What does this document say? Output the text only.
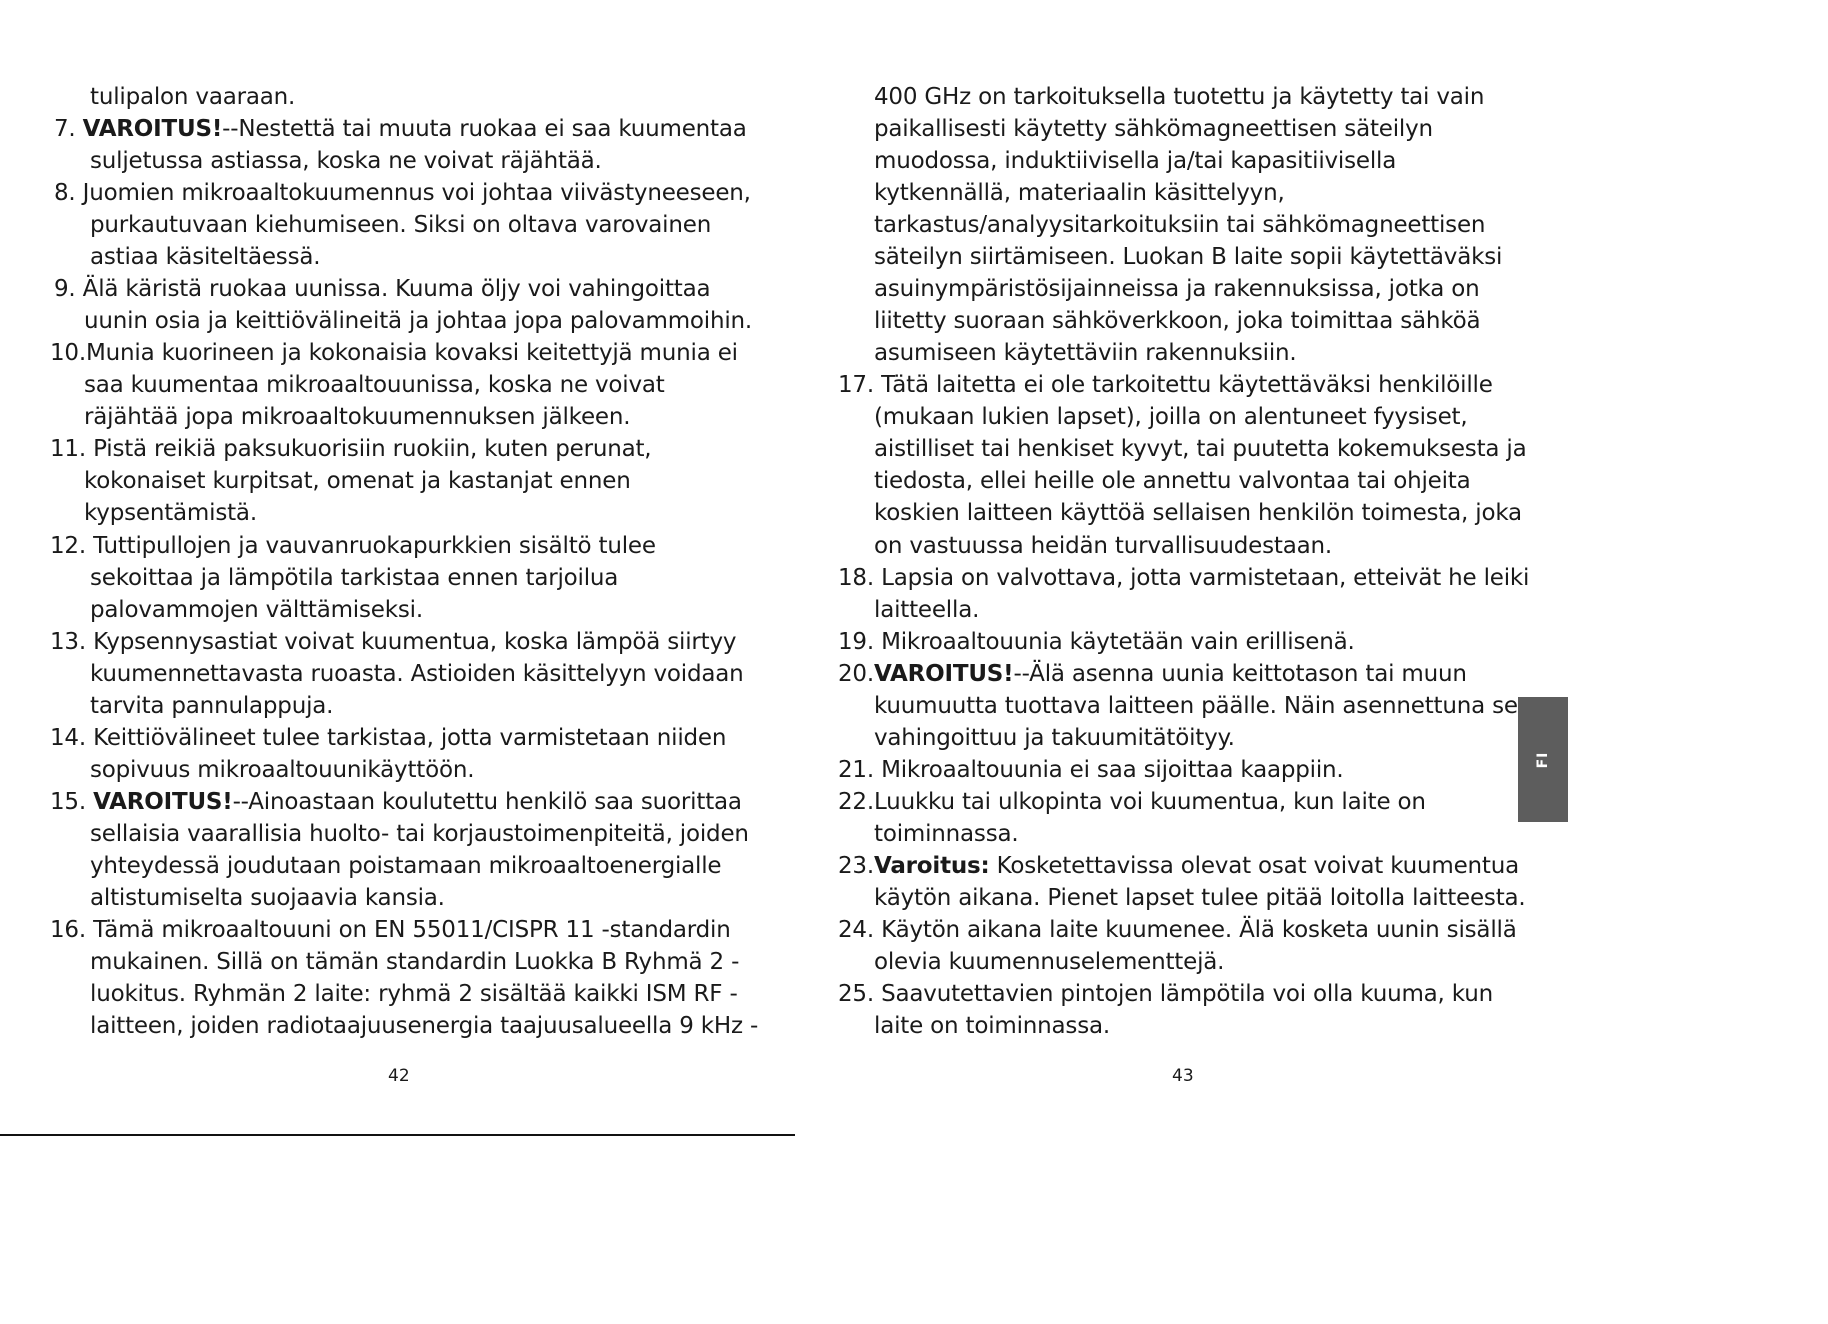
tulipalon vaaraan.
7. VAROITUS!--Nestettä tai muuta ruokaa ei saa kuumentaa
suljetussa astiassa, koska ne voivat räjähtää.
8. Juomien mikroaaltokuumennus voi johtaa viivästyneeseen,
purkautuvaan kiehumiseen. Siksi on oltava varovainen
astiaa käsiteltäessä.
9. Älä käristä ruokaa uunissa. Kuuma öljy voi vahingoittaa
uunin osia ja keittiövälineitä ja johtaa jopa palovammoihin.
10.Munia kuorineen ja kokonaisia kovaksi keitettyjä munia ei
saa kuumentaa mikroaaltouunissa, koska ne voivat
räjähtää jopa mikroaaltokuumennuksen jälkeen.
11. Pistä reikiä paksukuorisiin ruokiin, kuten perunat,
kokonaiset kurpitsat, omenat ja kastanjat ennen
kypsentämistä.
12. Tuttipullojen ja vauvanruokapurkkien sisältö tulee
sekoittaa ja lämpötila tarkistaa ennen tarjoilua
palovammojen välttämiseksi.
13. Kypsennysastiat voivat kuumentua, koska lämpöä siirtyy
kuumennettavasta ruoasta. Astioiden käsittelyyn voidaan
tarvita pannulappuja.
14. Keittiövälineet tulee tarkistaa, jotta varmistetaan niiden
sopivuus mikroaaltouunikäyttöön.
15. VAROITUS!--Ainoastaan koulutettu henkilö saa suorittaa
sellaisia vaarallisia huolto- tai korjaustoimenpiteitä, joiden
yhteydessä joudutaan poistamaan mikroaaltoenergialle
altistumiselta suojaavia kansia.
16. Tämä mikroaaltouuni on EN 55011/CISPR 11 -standardin
mukainen. Sillä on tämän standardin Luokka B Ryhmä 2 -
luokitus. Ryhmän 2 laite: ryhmä 2 sisältää kaikki ISM RF -
laitteen, joiden radiotaajuusenergia taajuusalueella 9 kHz -
400 GHz on tarkoituksella tuotettu ja käytetty tai vain
paikallisesti käytetty sähkömagneettisen säteilyn
muodossa, induktiivisella ja/tai kapasitiivisella
kytkennällä, materiaalin käsittelyyn,
tarkastus/analyysitarkoituksiin tai sähkömagneettisen
säteilyn siirtämiseen. Luokan B laite sopii käytettäväksi
asuinympäristösijainneissa ja rakennuksissa, jotka on
liitetty suoraan sähköverkkoon, joka toimittaa sähköä
asumiseen käytettäviin rakennuksiin.
17. Tätä laitetta ei ole tarkoitettu käytettäväksi henkilöille
(mukaan lukien lapset), joilla on alentuneet fyysiset,
aistilliset tai henkiset kyvyt, tai puutetta kokemuksesta ja
tiedosta, ellei heille ole annettu valvontaa tai ohjeita
koskien laitteen käyttöä sellaisen henkilön toimesta, joka
on vastuussa heidän turvallisuudestaan.
18. Lapsia on valvottava, jotta varmistetaan, etteivät he leiki
laitteella.
19. Mikroaaltouunia käytetään vain erillisenä.
20.VAROITUS!--Älä asenna uunia keittotason tai muun
kuumuutta tuottava laitteen päälle. Näin asennettuna se
vahingoittuu ja takuumitätöityy.
21. Mikroaaltouunia ei saa sijoittaa kaappiin.
22.Luukku tai ulkopinta voi kuumentua, kun laite on
toiminnassa.
23.Varoitus: Kosketettavissa olevat osat voivat kuumentua
käytön aikana. Pienet lapset tulee pitää loitolla laitteesta.
24. Käytön aikana laite kuumenee. Älä kosketa uunin sisällä
olevia kuumennuselementtejä.
25. Saavutettavien pintojen lämpötila voi olla kuuma, kun
laite on toiminnassa.
42	43
FI
